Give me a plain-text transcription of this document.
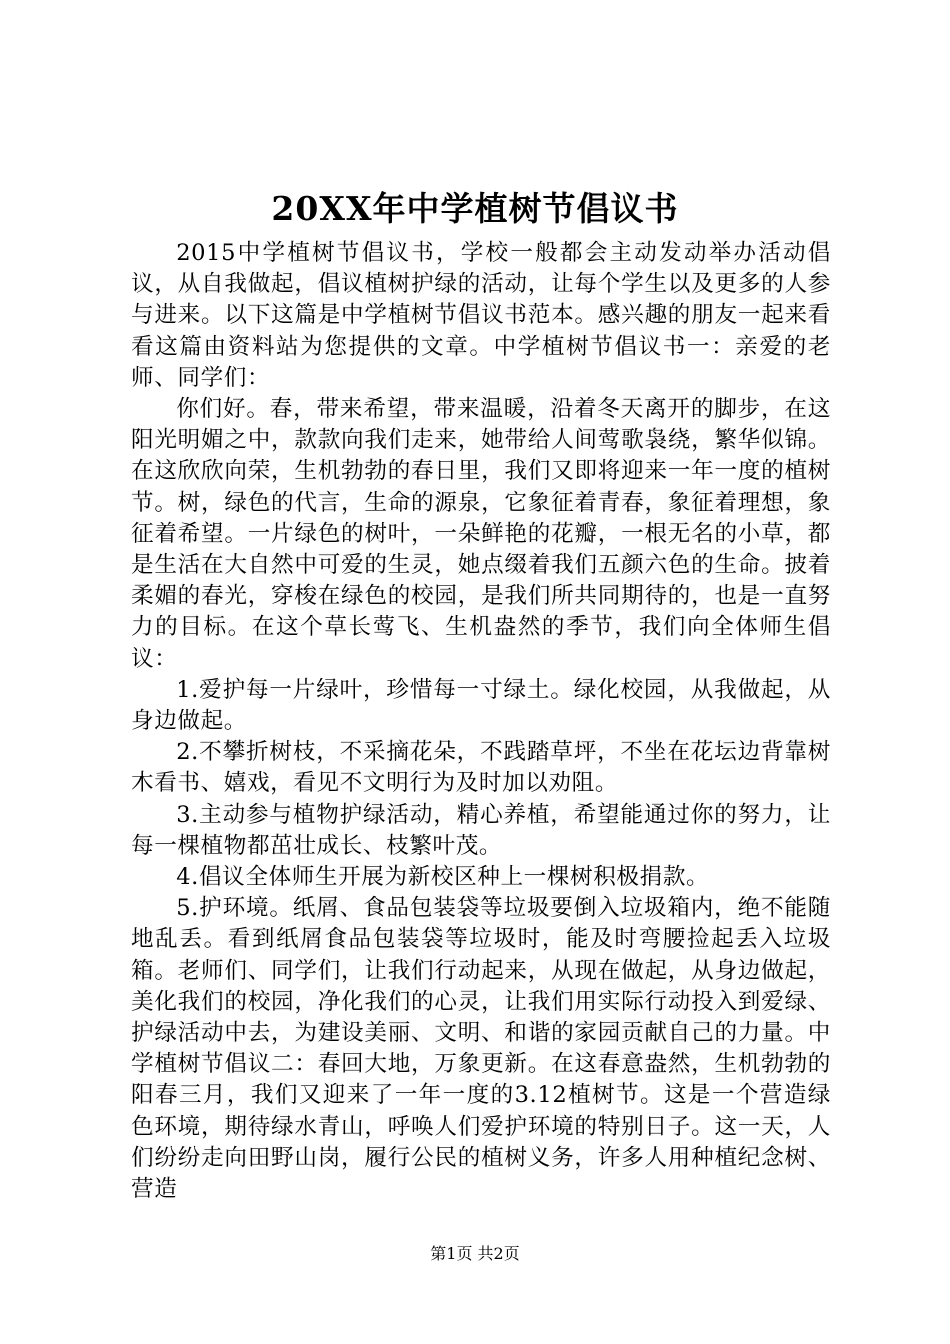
20XX年中学植树节倡议书

2015中学植树节倡议书，学校一般都会主动发动举办活动倡议，从自我做起，倡议植树护绿的活动，让每个学生以及更多的人参与进来。以下这篇是中学植树节倡议书范本。感兴趣的朋友一起来看看这篇由资料站为您提供的文章。中学植树节倡议书一：亲爱的老师、同学们：

你们好。春，带来希望，带来温暖，沿着冬天离开的脚步，在这阳光明媚之中，款款向我们走来，她带给人间莺歌袅绕，繁华似锦。在这欣欣向荣，生机勃勃的春日里，我们又即将迎来一年一度的植树节。树，绿色的代言，生命的源泉，它象征着青春，象征着理想，象征着希望。一片绿色的树叶，一朵鲜艳的花瓣，一根无名的小草，都是生活在大自然中可爱的生灵，她点缀着我们五颜六色的生命。披着柔媚的春光，穿梭在绿色的校园，是我们所共同期待的，也是一直努力的目标。在这个草长莺飞、生机盎然的季节，我们向全体师生倡议：

1.爱护每一片绿叶，珍惜每一寸绿土。绿化校园，从我做起，从身边做起。

2.不攀折树枝，不采摘花朵，不践踏草坪，不坐在花坛边背靠树木看书、嬉戏，看见不文明行为及时加以劝阻。

3.主动参与植物护绿活动，精心养植，希望能通过你的努力，让每一棵植物都茁壮成长、枝繁叶茂。

4.倡议全体师生开展为新校区种上一棵树积极捐款。

5.护环境。纸屑、食品包装袋等垃圾要倒入垃圾箱内，绝不能随地乱丢。看到纸屑食品包装袋等垃圾时，能及时弯腰捡起丢入垃圾箱。老师们、同学们，让我们行动起来，从现在做起，从身边做起，美化我们的校园，净化我们的心灵，让我们用实际行动投入到爱绿、护绿活动中去，为建设美丽、文明、和谐的家园贡献自己的力量。中学植树节倡议二：春回大地，万象更新。在这春意盎然，生机勃勃的阳春三月，我们又迎来了一年一度的3.12植树节。这是一个营造绿色环境，期待绿水青山，呼唤人们爱护环境的特别日子。这一天，人们纷纷走向田野山岗，履行公民的植树义务，许多人用种植纪念树、营造

第1页 共2页
